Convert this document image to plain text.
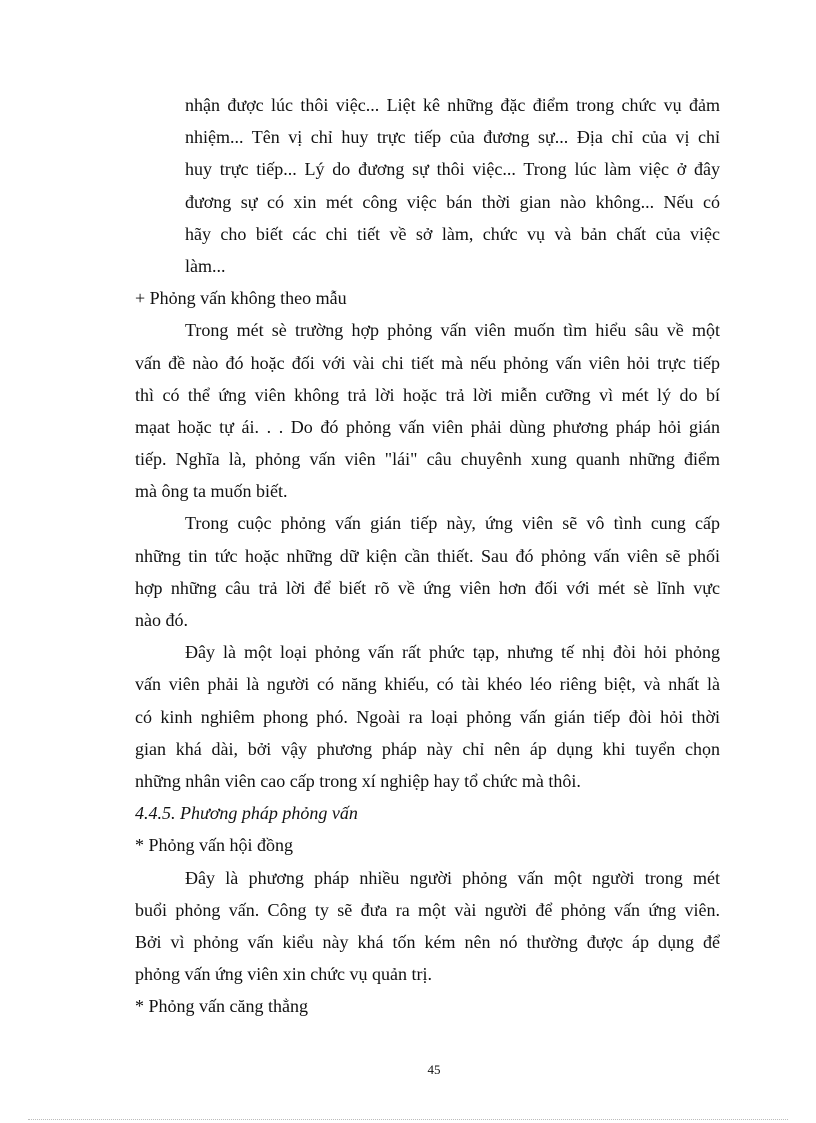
nhận được lúc thôi việc... Liệt kê những đặc điểm trong chức vụ đảm
nhiệm... Tên vị chỉ huy trực tiếp của đương sự... Địa chỉ của vị chỉ
huy trực tiếp... Lý do đương sự thôi việc... Trong lúc làm việc ở đây
đương sự có xin mét công việc bán thời gian nào không... Nếu có
hãy cho biết các chi tiết về sở làm, chức vụ và bản chất của việc
làm...
+ Phỏng vấn không theo mẫu
Trong mét sè trường hợp phỏng vấn viên muốn tìm hiểu sâu về một
vấn đề nào đó hoặc đối với vài chi tiết mà nếu phỏng vấn viên hỏi trực tiếp
thì có thể ứng viên không trả lời hoặc trả lời miễn cưỡng vì mét lý do bí
mạat hoặc tự ái. . . Do đó phỏng vấn viên phải dùng phương pháp hỏi gián
tiếp. Nghĩa là, phỏng vấn viên "lái" câu chuyênh xung quanh những điểm
mà ông ta muốn biết.
Trong cuộc phỏng vấn gián tiếp này, ứng viên sẽ vô tình cung cấp
những tin tức hoặc những dữ kiện cần thiết. Sau đó phỏng vấn viên sẽ phối
hợp những câu trả lời để biết rõ về ứng viên hơn đối với mét sè lĩnh vực
nào đó.
Đây là một loại phỏng vấn rất phức tạp, nhưng tế nhị đòi hỏi phỏng
vấn viên phải là người có năng khiếu, có tài khéo léo riêng biệt, và nhất là
có kinh nghiêm phong phó. Ngoài ra loại phỏng vấn gián tiếp đòi hỏi thời
gian khá dài, bởi vậy phương pháp này chỉ nên áp dụng khi tuyển chọn
những nhân viên cao cấp trong xí nghiệp hay tổ chức mà thôi.
4.4.5. Phương pháp phỏng vấn
* Phỏng vấn hội đồng
Đây là phương pháp nhiều người phỏng vấn một người trong mét
buổi phỏng vấn. Công ty sẽ đưa ra một vài người để phỏng vấn ứng viên.
Bởi vì phỏng vấn kiểu này khá tốn kém nên nó thường được áp dụng để
phỏng vấn ứng viên xin chức vụ quản trị.
* Phỏng vấn căng thẳng
45
